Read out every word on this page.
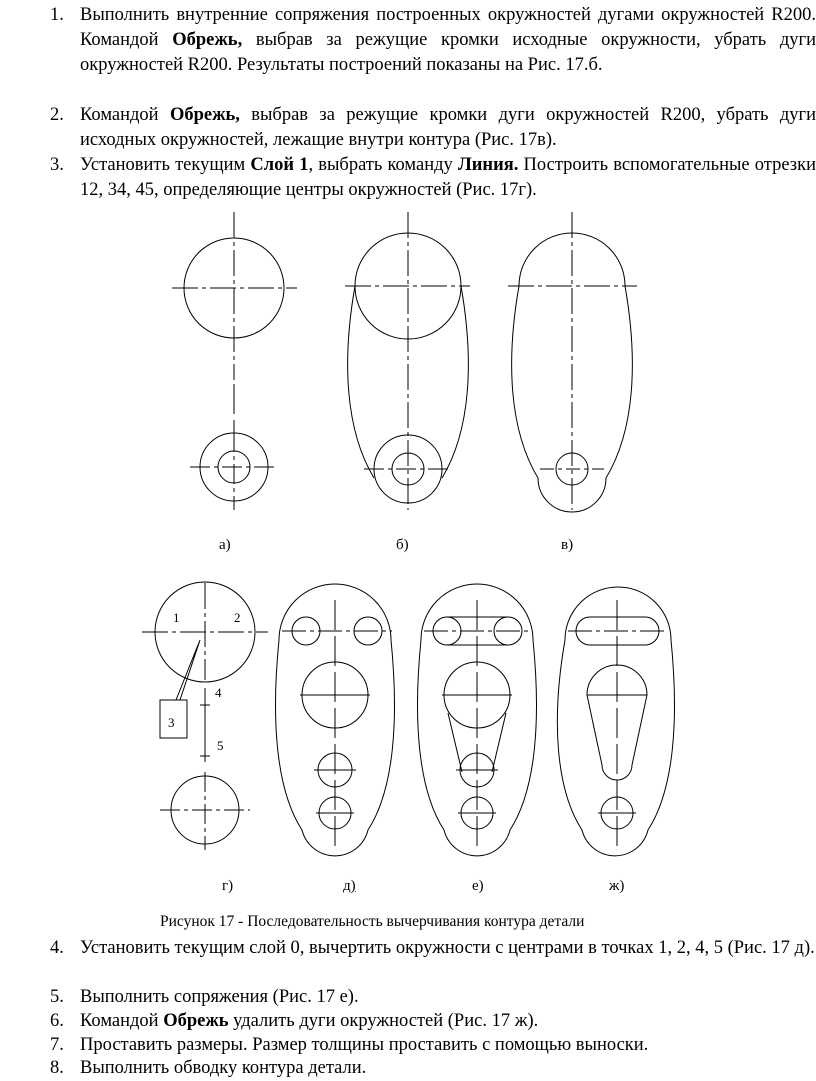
1. Выполнить внутренние сопряжения построенных окружностей дугами окружностей R200. Командой Обрежь, выбрав за режущие кромки исходные окружности, убрать дуги окружностей R200. Результаты построений показаны на Рис. 17.б.
2. Командой Обрежь, выбрав за режущие кромки дуги окружностей R200, убрать дуги исходных окружностей, лежащие внутри контура (Рис. 17в).
3. Установить текущим Слой 1, выбрать команду Линия. Построить вспомогательные отрезки 12, 34, 45, определяющие центры окружностей (Рис. 17г).
а)	б)	в)
1	2
3
4
5
г)	д)	е)	ж)
Рисунок 17 - Последовательность вычерчивания контура детали
4. Установить текущим слой 0, вычертить окружности с центрами в точках 1, 2, 4, 5 (Рис. 17 д).
5. Выполнить сопряжения (Рис. 17 е).
6. Командой Обрежь удалить дуги окружностей (Рис. 17 ж).
7. Проставить размеры. Размер толщины проставить с помощью выноски.
8. Выполнить обводку контура детали.
